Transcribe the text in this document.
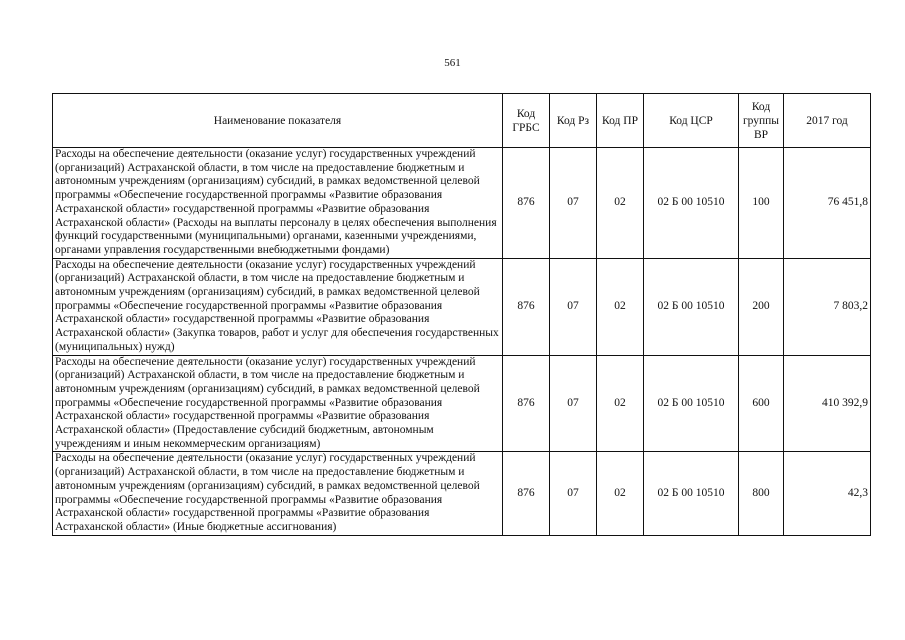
561
Наименование показателя	Код ГРБС	Код Рз	Код ПР	Код ЦСР	Код группы ВР	2017 год
Расходы на обеспечение деятельности (оказание услуг) государственных учреждений (организаций) Астраханской области, в том числе на предоставление бюджетным и автономным учреждениям (организациям) субсидий, в рамках ведомственной целевой программы «Обеспечение государственной программы «Развитие образования Астраханской области» государственной программы «Развитие образования Астраханской области» (Расходы на выплаты персоналу в целях обеспечения выполнения функций государственными (муниципальными) органами, казенными учреждениями, органами управления государственными внебюджетными фондами)	876	07	02	02 Б 00 10510	100	76 451,8
Расходы на обеспечение деятельности (оказание услуг) государственных учреждений (организаций) Астраханской области, в том числе на предоставление бюджетным и автономным учреждениям (организациям) субсидий, в рамках ведомственной целевой программы «Обеспечение государственной программы «Развитие образования Астраханской области» государственной программы «Развитие образования Астраханской области» (Закупка товаров, работ и услуг для обеспечения государственных (муниципальных) нужд)	876	07	02	02 Б 00 10510	200	7 803,2
Расходы на обеспечение деятельности (оказание услуг) государственных учреждений (организаций) Астраханской области, в том числе на предоставление бюджетным и автономным учреждениям (организациям) субсидий, в рамках ведомственной целевой программы «Обеспечение государственной программы «Развитие образования Астраханской области» государственной программы «Развитие образования Астраханской области» (Предоставление субсидий бюджетным, автономным учреждениям и иным некоммерческим организациям)	876	07	02	02 Б 00 10510	600	410 392,9
Расходы на обеспечение деятельности (оказание услуг) государственных учреждений (организаций) Астраханской области, в том числе на предоставление бюджетным и автономным учреждениям (организациям) субсидий, в рамках ведомственной целевой программы «Обеспечение государственной программы «Развитие образования Астраханской области» государственной программы «Развитие образования Астраханской области» (Иные бюджетные ассигнования)	876	07	02	02 Б 00 10510	800	42,3
